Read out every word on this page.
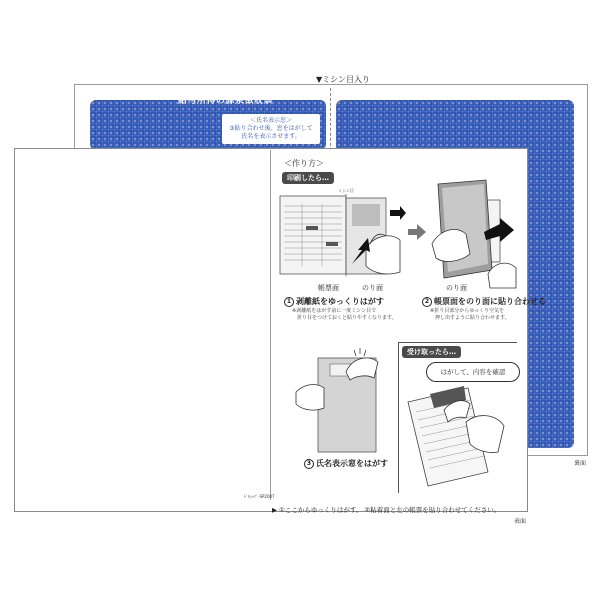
▼ミシン目入り
給与所得の源泉徴収票
＜氏名表示窓＞
③貼り合わせ後、窓をはがして
氏名を表示させます。
裏面
ﾄﾞｷｭﾍｿﾞ-SP2007
表面
＜作り方＞
印刷したら…
ミシン目
帳票面	のり面	のり面
1 剥離紙をゆっくりはがす
※剥離紙をはがす前に一度ミシン目で
　折り目をつけておくと貼りやすくなります。
2 帳票面をのり面に貼り合わせる
※折り目部分からゆっくり空気を
　押し出すように貼り合わせます。
3 氏名表示窓をはがす
受け取ったら…
はがして、内容を確認
▶ ①ここからゆっくりはがす。 ②粘着面と左の帳票を貼り合わせてください。
